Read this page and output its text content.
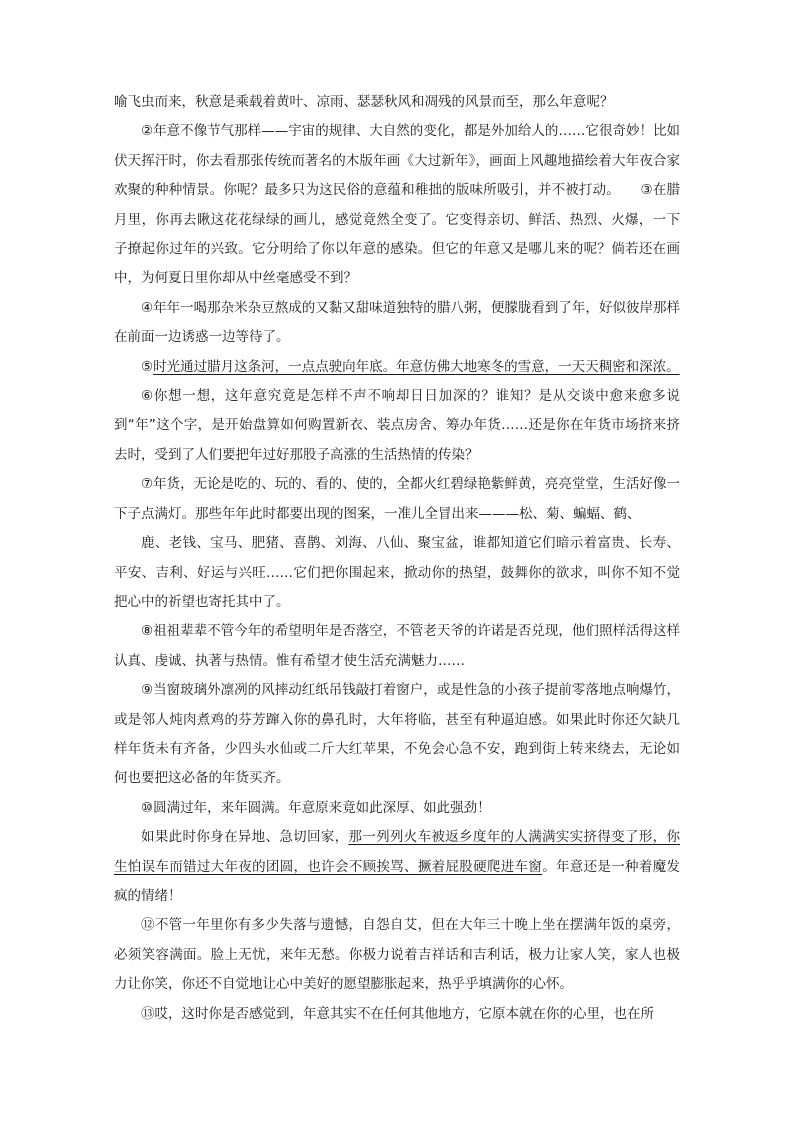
喻飞虫而来，秋意是乘载着黄叶、凉雨、瑟瑟秋风和凋残的风景而至，那么年意呢？

②年意不像节气那样——宇宙的规律、大自然的变化，都是外加给人的……它很奇妙！比如伏天挥汗时，你去看那张传统而著名的木版年画《大过新年》，画面上风趣地描绘着大年夜合家欢聚的种种情景。你呢？最多只为这民俗的意蕴和稚拙的版味所吸引，并不被打动。　　③在腊月里，你再去瞅这花花绿绿的画儿，感觉竟然全变了。它变得亲切、鲜活、热烈、火爆，一下子撩起你过年的兴致。它分明给了你以年意的感染。但它的年意又是哪儿来的呢？倘若还在画中，为何夏日里你却从中丝毫感受不到？

④年年一喝那杂米杂豆熬成的又黏又甜味道独特的腊八粥，便朦胧看到了年，好似彼岸那样在前面一边诱惑一边等待了。

⑤时光通过腊月这条河，一点点驶向年底。年意仿佛大地寒冬的雪意，一天天稠密和深浓。

⑥你想一想，这年意究竟是怎样不声不响却日日加深的？谁知？是从交谈中愈来愈多说到“年”这个字，是开始盘算如何购置新衣、装点房舍、筹办年货……还是你在年货市场挤来挤去时，受到了人们要把年过好那股子高涨的生活热情的传染？

⑦年货，无论是吃的、玩的、看的、使的，全都火红碧绿艳紫鲜黄，亮亮堂堂，生活好像一下子点满灯。那些年年此时都要出现的图案，一准儿全冒出来———松、菊、蝙蝠、鹤、

鹿、老钱、宝马、肥猪、喜鹊、刘海、八仙、聚宝盆，谁都知道它们暗示着富贵、长寿、平安、吉利、好运与兴旺……它们把你围起来，掀动你的热望，鼓舞你的欲求，叫你不知不觉把心中的祈望也寄托其中了。

⑧祖祖辈辈不管今年的希望明年是否落空，不管老天爷的许诺是否兑现，他们照样活得这样认真、虔诚、执著与热情。惟有希望才使生活充满魅力……

⑨当窗玻璃外凛冽的风摔动红纸吊钱敲打着窗户，或是性急的小孩子提前零落地点响爆竹，或是邻人炖肉煮鸡的芬芳蹿入你的鼻孔时，大年将临，甚至有种逼迫感。如果此时你还欠缺几样年货未有齐备，少四头水仙或二斤大红苹果，不免会心急不安，跑到街上转来绕去，无论如何也要把这必备的年货买齐。

⑩圆满过年，来年圆满。年意原来竟如此深厚、如此强劲！

如果此时你身在异地、急切回家，那一列列火车被返乡度年的人满满实实挤得变了形，你生怕误车而错过大年夜的团圆，也许会不顾挨骂、撅着屁股硬爬进车窗。年意还是一种着魔发疯的情绪！

⑫不管一年里你有多少失落与遗憾，自怨自艾，但在大年三十晚上坐在摆满年饭的桌旁，必须笑容满面。脸上无忧，来年无愁。你极力说着吉祥话和吉利话，极力让家人笑，家人也极力让你笑，你还不自觉地让心中美好的愿望膨胀起来，热乎乎填满你的心怀。

⑬哎，这时你是否感觉到，年意其实不在任何其他地方，它原本就在你的心里，也在所
